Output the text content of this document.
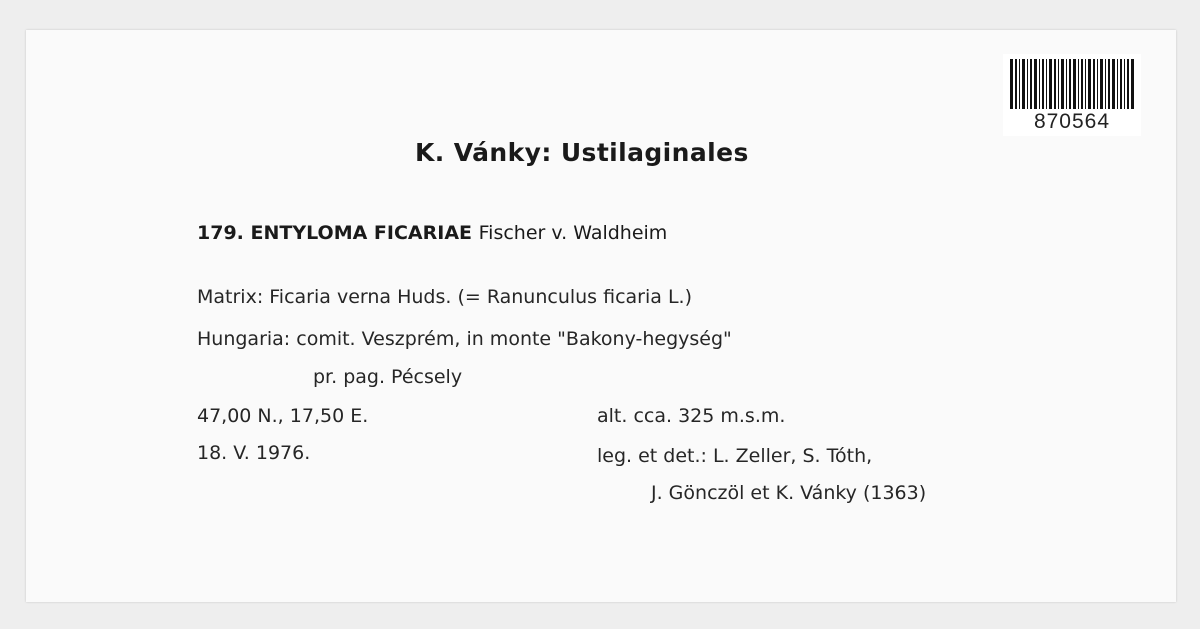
870564
K. Vánky: Ustilaginales
179. ENTYLOMA FICARIAE Fischer v. Waldheim
Matrix: Ficaria verna Huds. (= Ranunculus ficaria L.)
Hungaria: comit. Veszprém, in monte "Bakony-hegység"
pr. pag. Pécsely
47,00 N., 17,50 E.
18. V. 1976.
alt. cca. 325 m.s.m.
leg. et det.: L. Zeller, S. Tóth,
J. Gönczöl et K. Vánky (1363)
